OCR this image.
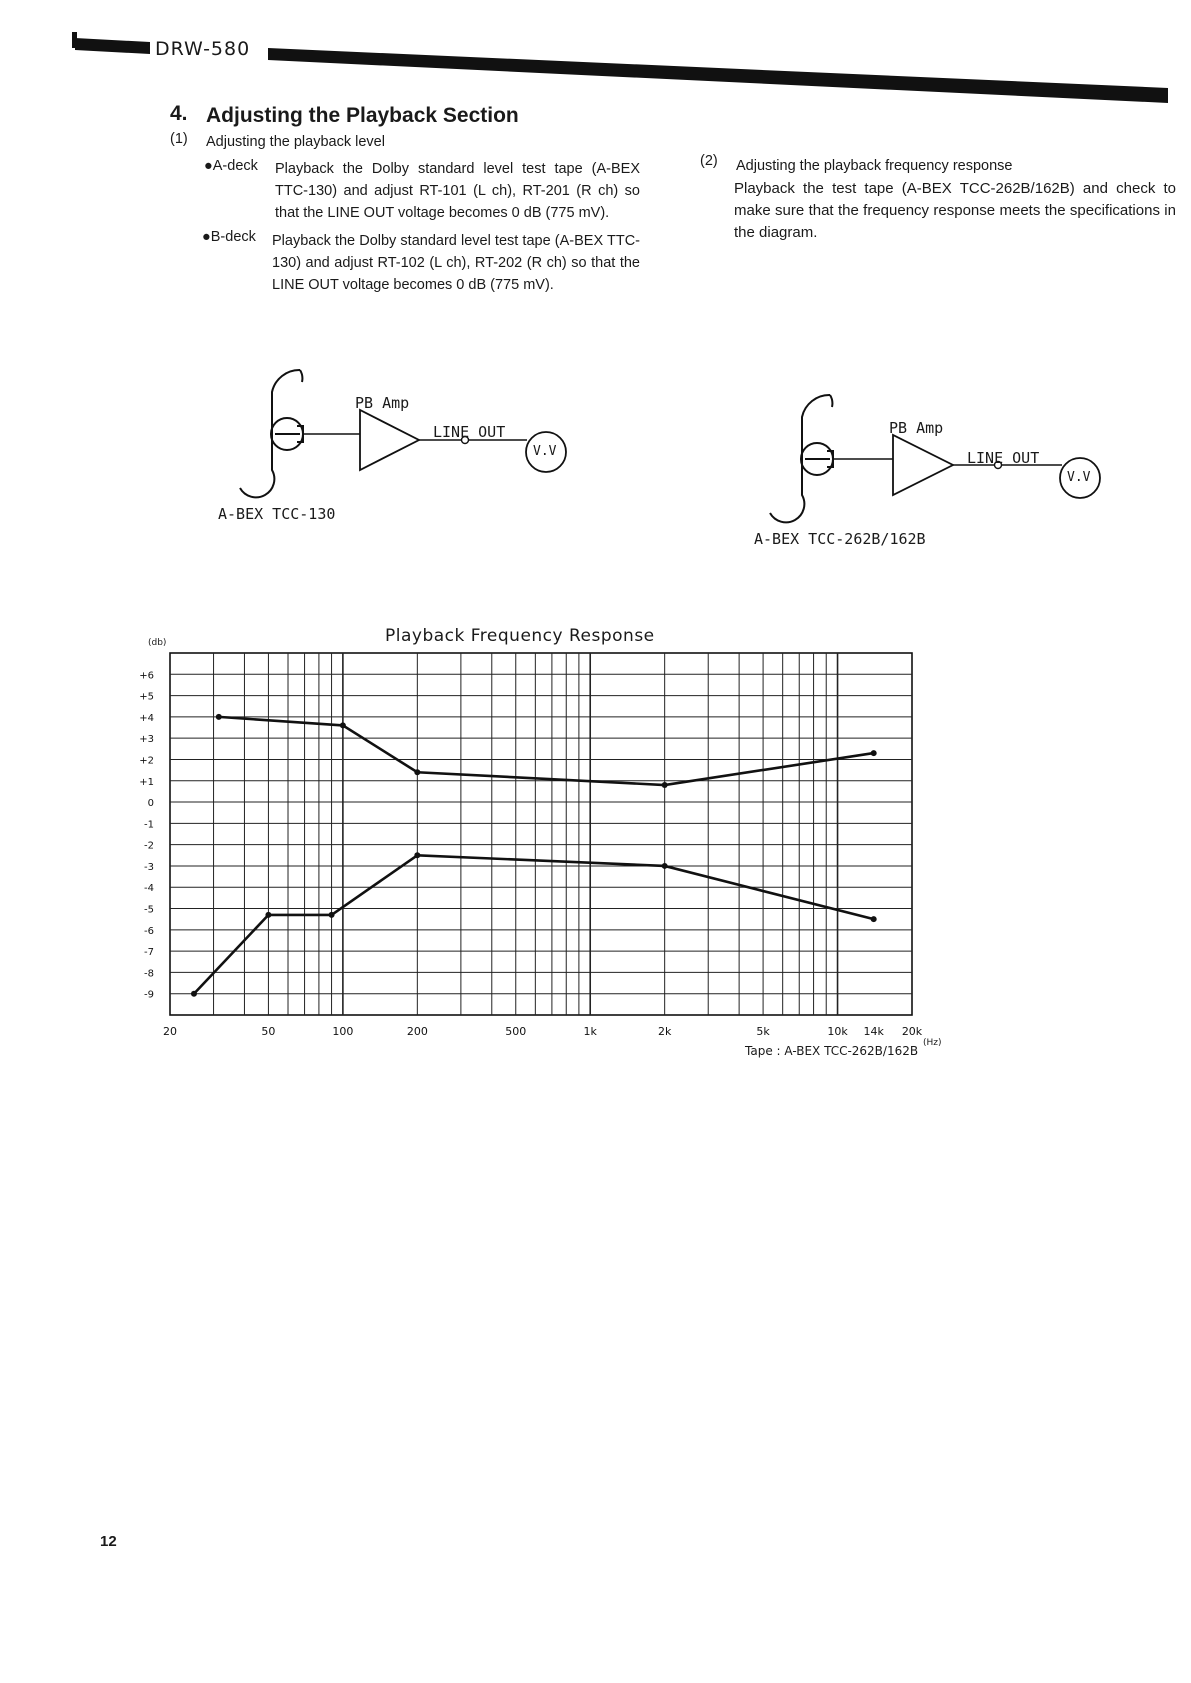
DRW-580
4. Adjusting the Playback Section
(1) Adjusting the playback level
●A-deck Playback the Dolby standard level test tape (A-BEX TTC-130) and adjust RT-101 (L ch), RT-201 (R ch) so that the LINE OUT voltage becomes 0 dB (775 mV).
●B-deck Playback the Dolby standard level test tape (A-BEX TTC-130) and adjust RT-102 (L ch), RT-202 (R ch) so that the LINE OUT voltage becomes 0 dB (775 mV).
(2) Adjusting the playback frequency response
Playback the test tape (A-BEX TCC-262B/162B) and check to make sure that the frequency response meets the specifications in the diagram.
PB Amp
LINE OUT
V.V
A-BEX TCC-130
PB Amp
LINE OUT
V.V
A-BEX TCC-262B/162B
Playback Frequency Response
(db)
+6
+5
+4
+3
+2
+1
0
-1
-2
-3
-4
-5
-6
-7
-8
-9
20	50	100	200	500	1k	2k	5k	10k 14k 20k
(Hz)
Tape : A-BEX TCC-262B/162B
12
